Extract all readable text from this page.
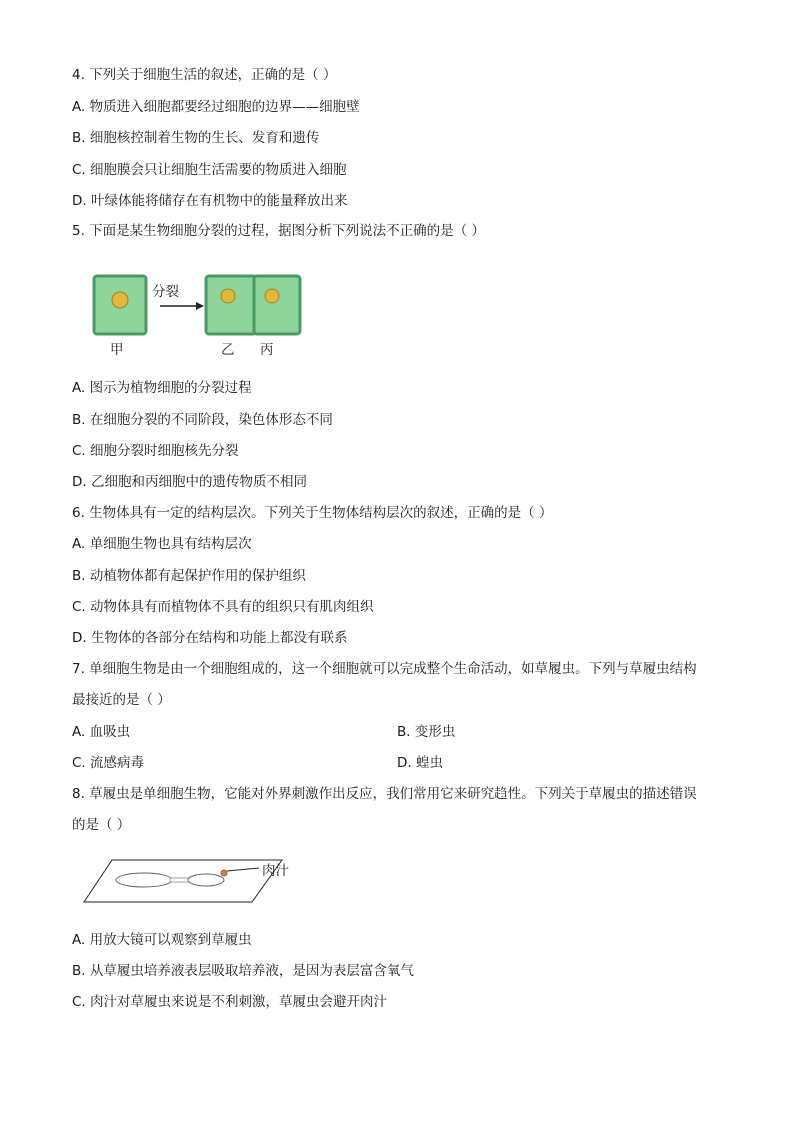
4. 下列关于细胞生活的叙述，正确的是（ ）
A. 物质进入细胞都要经过细胞的边界——细胞壁
B. 细胞核控制着生物的生长、发育和遗传
C. 细胞膜会只让细胞生活需要的物质进入细胞
D. 叶绿体能将储存在有机物中的能量释放出来
5. 下面是某生物细胞分裂的过程，据图分析下列说法不正确的是（ ）
分裂
甲	乙 丙
A. 图示为植物细胞的分裂过程
B. 在细胞分裂的不同阶段，染色体形态不同
C. 细胞分裂时细胞核先分裂
D. 乙细胞和丙细胞中的遗传物质不相同
6. 生物体具有一定的结构层次。下列关于生物体结构层次的叙述，正确的是（ ）
A. 单细胞生物也具有结构层次
B. 动植物体都有起保护作用的保护组织
C. 动物体具有而植物体不具有的组织只有肌肉组织
D. 生物体的各部分在结构和功能上都没有联系
7. 单细胞生物是由一个细胞组成的，这一个细胞就可以完成整个生命活动，如草履虫。下列与草履虫结构
最接近的是（ ）
A. 血吸虫	B. 变形虫
C. 流感病毒	D. 蝗虫
8. 草履虫是单细胞生物，它能对外界刺激作出反应，我们常用它来研究趋性。下列关于草履虫的描述错误
的是（ ）
肉汁
A. 用放大镜可以观察到草履虫
B. 从草履虫培养液表层吸取培养液，是因为表层富含氧气
C. 肉汁对草履虫来说是不利刺激，草履虫会避开肉汁
